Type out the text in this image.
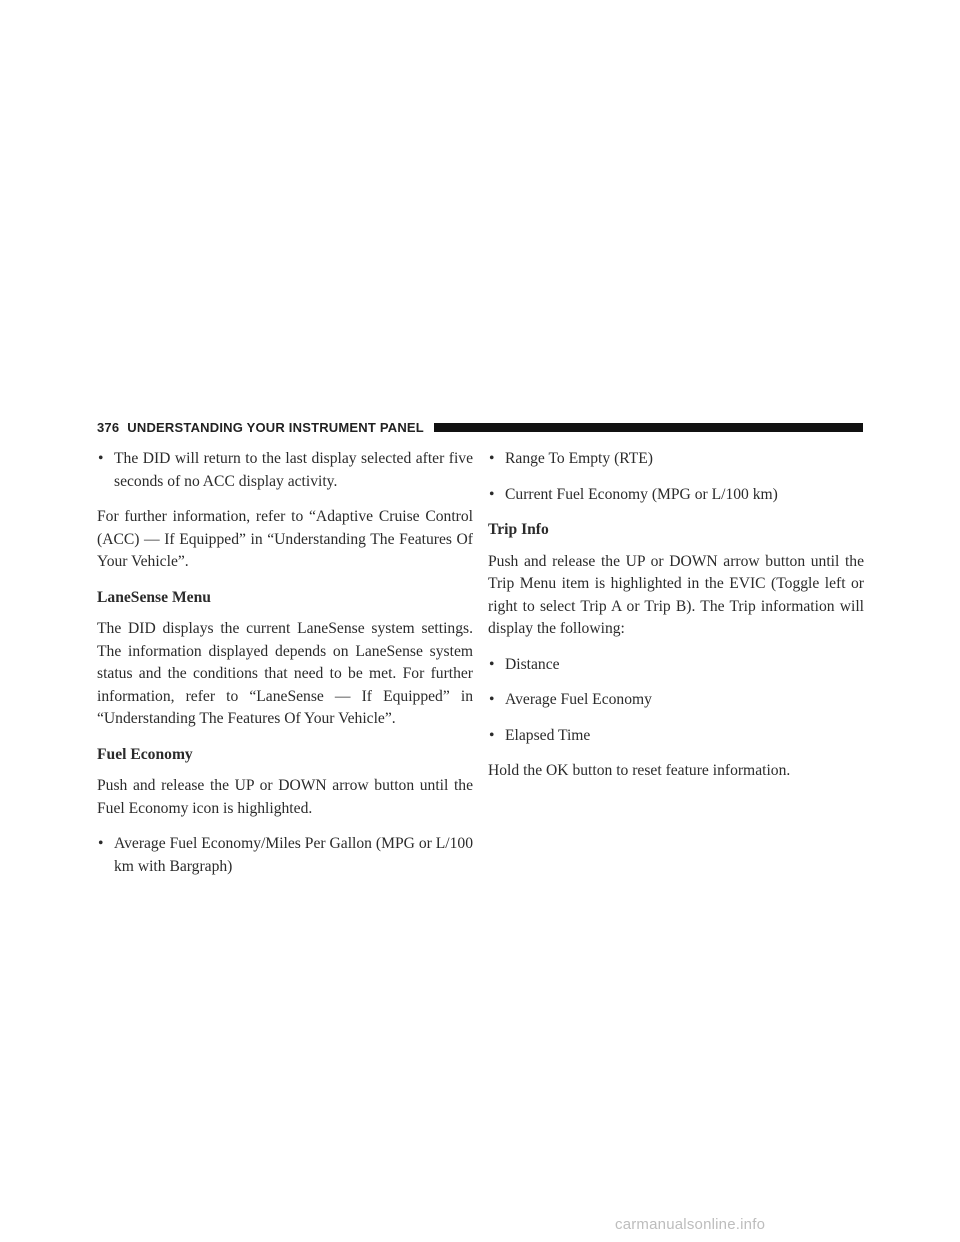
376 UNDERSTANDING YOUR INSTRUMENT PANEL
• The DID will return to the last display selected after five seconds of no ACC display activity.

For further information, refer to “Adaptive Cruise Control (ACC) — If Equipped” in “Understanding The Features Of Your Vehicle”.

LaneSense Menu

The DID displays the current LaneSense system settings. The information displayed depends on LaneSense system status and the conditions that need to be met. For further information, refer to “LaneSense — If Equipped” in “Understanding The Features Of Your Vehicle”.

Fuel Economy

Push and release the UP or DOWN arrow button until the Fuel Economy icon is highlighted.

• Average Fuel Economy/Miles Per Gallon (MPG or L/100 km with Bargraph)
• Range To Empty (RTE)
• Current Fuel Economy (MPG or L/100 km)
Trip Info

Push and release the UP or DOWN arrow button until the Trip Menu item is highlighted in the EVIC (Toggle left or right to select Trip A or Trip B). The Trip information will display the following:

• Distance
• Average Fuel Economy
• Elapsed Time

Hold the OK button to reset feature information.

carmanualsonline.info
